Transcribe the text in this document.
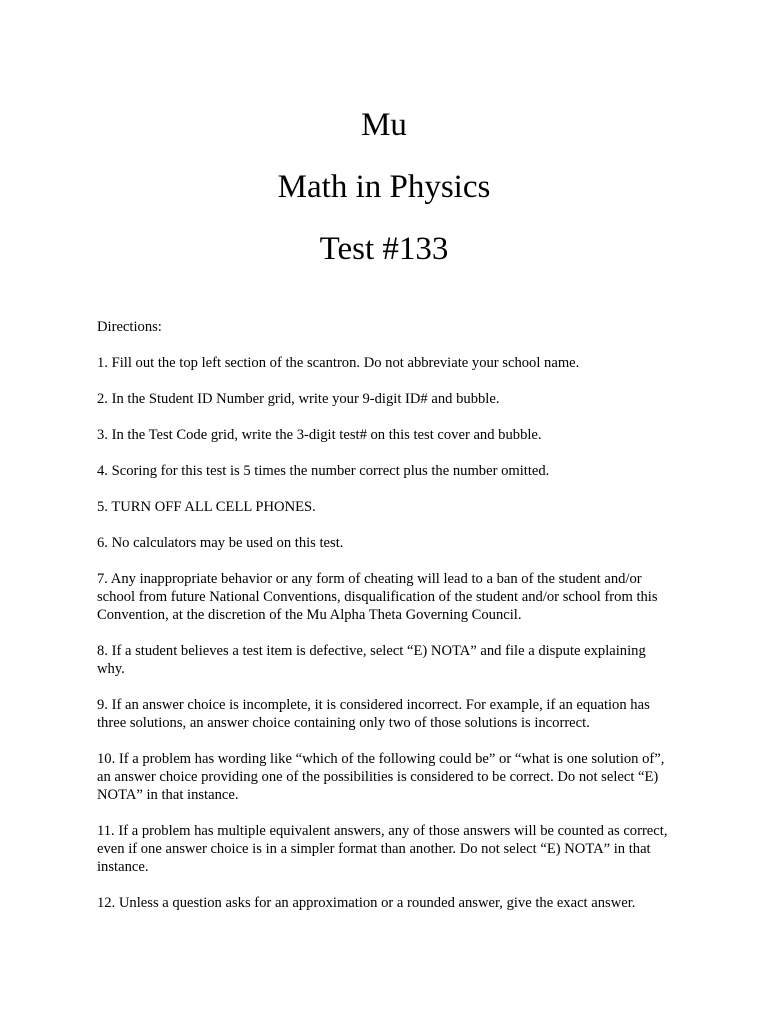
Mu

Math in Physics

Test #133

Directions:

1. Fill out the top left section of the scantron. Do not abbreviate your school name.

2. In the Student ID Number grid, write your 9-digit ID# and bubble.

3. In the Test Code grid, write the 3-digit test# on this test cover and bubble.

4. Scoring for this test is 5 times the number correct plus the number omitted.

5. TURN OFF ALL CELL PHONES.

6. No calculators may be used on this test.

7. Any inappropriate behavior or any form of cheating will lead to a ban of the student and/or school from future National Conventions, disqualification of the student and/or school from this Convention, at the discretion of the Mu Alpha Theta Governing Council.

8. If a student believes a test item is defective, select “E) NOTA” and file a dispute explaining why.

9. If an answer choice is incomplete, it is considered incorrect. For example, if an equation has three solutions, an answer choice containing only two of those solutions is incorrect.

10. If a problem has wording like “which of the following could be” or “what is one solution of”, an answer choice providing one of the possibilities is considered to be correct. Do not select “E) NOTA” in that instance.

11. If a problem has multiple equivalent answers, any of those answers will be counted as correct, even if one answer choice is in a simpler format than another. Do not select “E) NOTA” in that instance.

12. Unless a question asks for an approximation or a rounded answer, give the exact answer.
